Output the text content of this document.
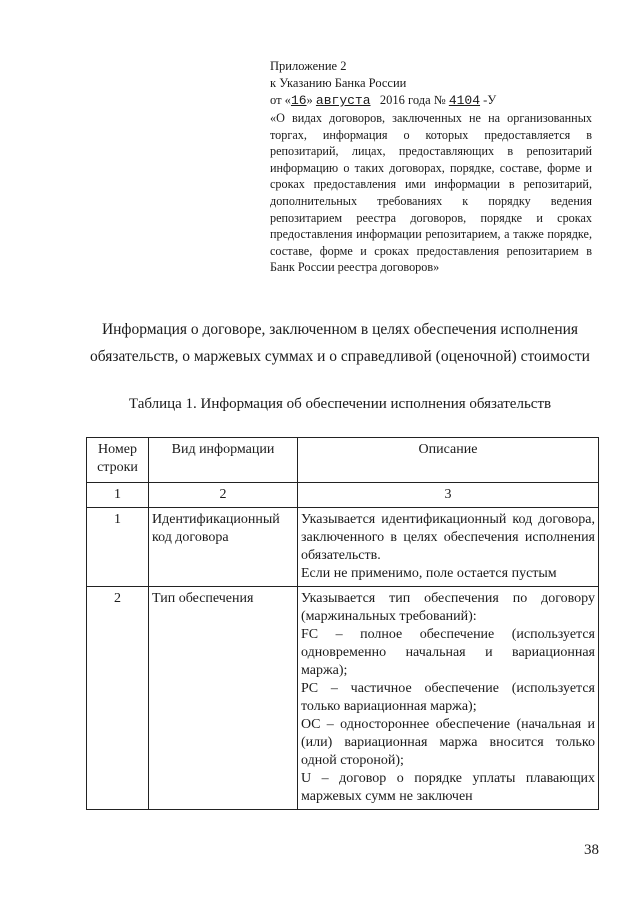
Приложение 2
к Указанию Банка России
от «16» августа 2016 года № 4104 -У
«О видах договоров, заключенных не на организованных торгах, информация о которых предоставляется в репозитарий, лицах, предоставляющих в репозитарий информацию о таких договорах, порядке, составе, форме и сроках предоставления ими информации в репозитарий, дополнительных требованиях к порядку ведения репозитарием реестра договоров, порядке и сроках предоставления информации репозитарием, а также порядке, составе, форме и сроках предоставления репозитарием в Банк России реестра договоров»
Информация о договоре, заключенном в целях обеспечения исполнения
обязательств, о маржевых суммах и о справедливой (оценочной) стоимости
Таблица 1. Информация об обеспечении исполнения обязательств
Номер строки	Вид информации	Описание
1	2	3
1	Идентификационный код договора	Указывается идентификационный код договора, заключенного в целях обеспечения исполнения обязательств.

Если не применимо, поле остается пустым

2	Тип обеспечения	Указывается тип обеспечения по договору (маржинальных требований):

FC – полное обеспечение (используется одновременно начальная и вариационная маржа);

PC – частичное обеспечение (используется только вариационная маржа);

OC – одностороннее обеспечение (начальная и (или) вариационная маржа вносится только одной стороной);

U – договор о порядке уплаты плавающих маржевых сумм не заключен

38
